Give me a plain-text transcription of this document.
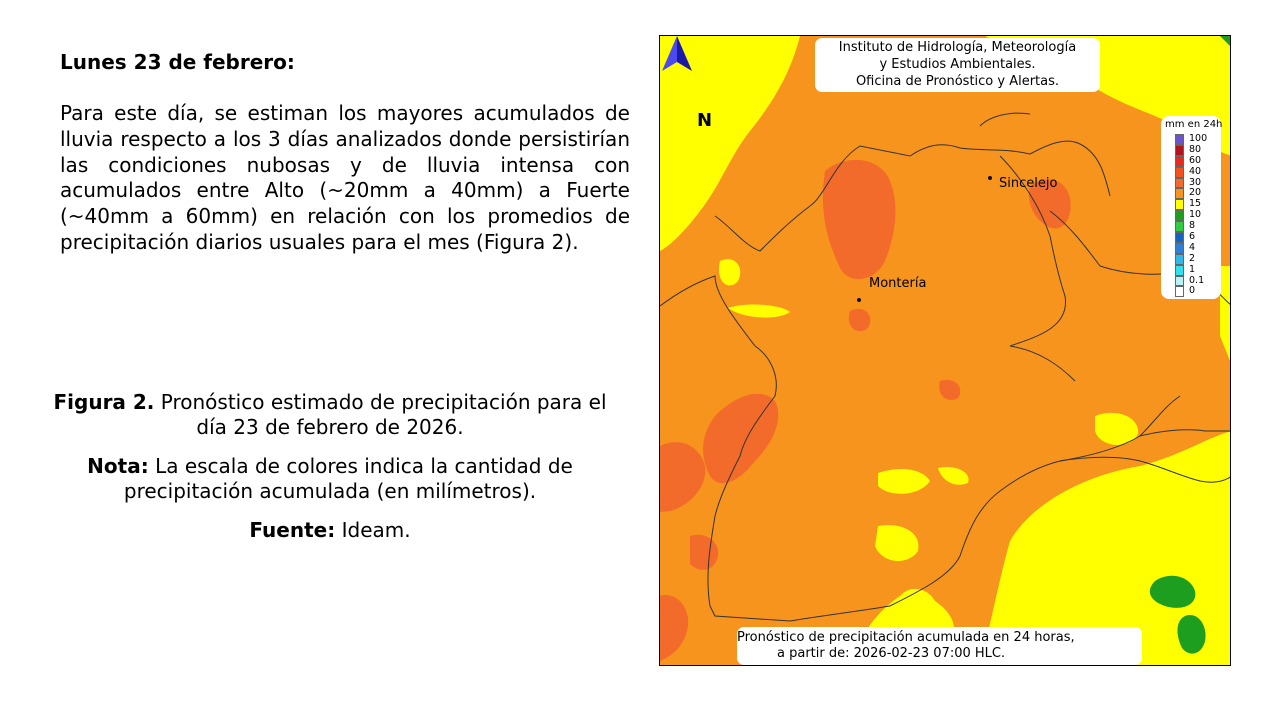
Lunes 23 de febrero:

Para este día, se estiman los mayores acumulados de lluvia respecto a los 3 días analizados donde persistirían las condiciones nubosas y de lluvia intensa con acumulados entre Alto (~20mm a 40mm) a Fuerte (~40mm a 60mm) en relación con los promedios de precipitación diarios usuales para el mes (Figura 2).

Figura 2. Pronóstico estimado de precipitación para el día 23 de febrero de 2026.

Nota: La escala de colores indica la cantidad de precipitación acumulada (en milímetros).

Fuente: Ideam.

Instituto de Hidrología, Meteorología
y Estudios Ambientales.
Oficina de Pronóstico y Alertas.
N
Sincelejo
Montería
mm en 24h
100
80
60
40
30
20
15
10
8
6
4
2
1
0.1
0
Pronóstico de precipitación acumulada en 24 horas,
a partir de: 2026-02-23 07:00 HLC.
